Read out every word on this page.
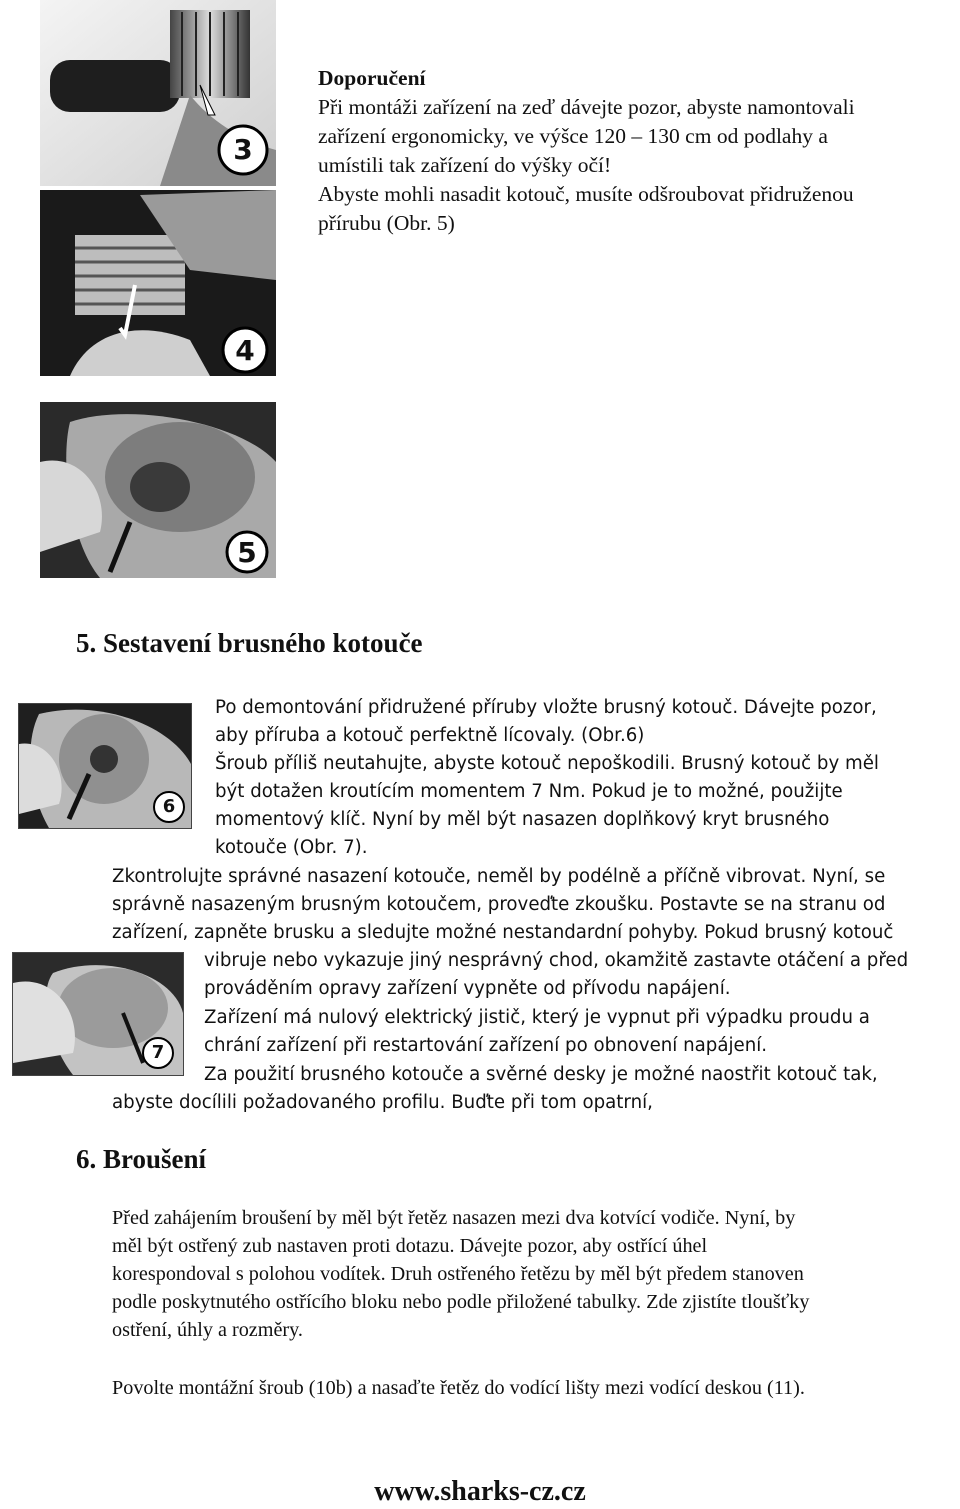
3
4
5
Doporučení
Při montáži zařízení na zeď dávejte pozor, abyste namontovali
zařízení ergonomicky, ve výšce 120 – 130 cm od podlahy a
umístili tak zařízení do výšky očí!
Abyste mohli nasadit kotouč, musíte odšroubovat přidruženou
přírubu (Obr. 5)
5. Sestavení brusného kotouče
6
Po demontování přidružené příruby vložte brusný kotouč. Dávejte pozor,
aby příruba a kotouč perfektně lícovaly. (Obr.6)
Šroub příliš neutahujte, abyste kotouč nepoškodili. Brusný kotouč by měl
být dotažen kroutícím momentem 7 Nm. Pokud je to možné, použijte
momentový klíč. Nyní by měl být nasazen doplňkový kryt brusného
kotouče (Obr. 7).
Zkontrolujte správné nasazení kotouče, neměl by podélně a příčně vibrovat. Nyní, se
správně nasazeným brusným kotoučem, proveďte zkoušku. Postavte se na stranu od
zařízení, zapněte brusku a sledujte možné nestandardní pohyby. Pokud brusný kotouč
7
vibruje nebo vykazuje jiný nesprávný chod, okamžitě zastavte otáčení a před
prováděním opravy zařízení vypněte od přívodu napájení.
Zařízení má nulový elektrický jistič, který je vypnut při výpadku proudu a
chrání zařízení při restartování zařízení po obnovení napájení.
Za použití brusného kotouče a svěrné desky je možné naostřit kotouč tak,
abyste docílili požadovaného profilu. Buďte při tom opatrní,
6. Broušení
Před zahájením broušení by měl být řetěz nasazen mezi dva kotvící vodiče. Nyní, by
měl být ostřený zub nastaven proti dotazu. Dávejte pozor, aby ostřící úhel
korespondoval s polohou vodítek. Druh ostřeného řetězu by měl být předem stanoven
podle poskytnutého ostřícího bloku nebo podle přiložené tabulky. Zde zjistíte tloušťky
ostření, úhly a rozměry.
Povolte montážní šroub (10b) a nasaďte řetěz do vodící lišty mezi vodící deskou (11).
www.sharks-cz.cz
